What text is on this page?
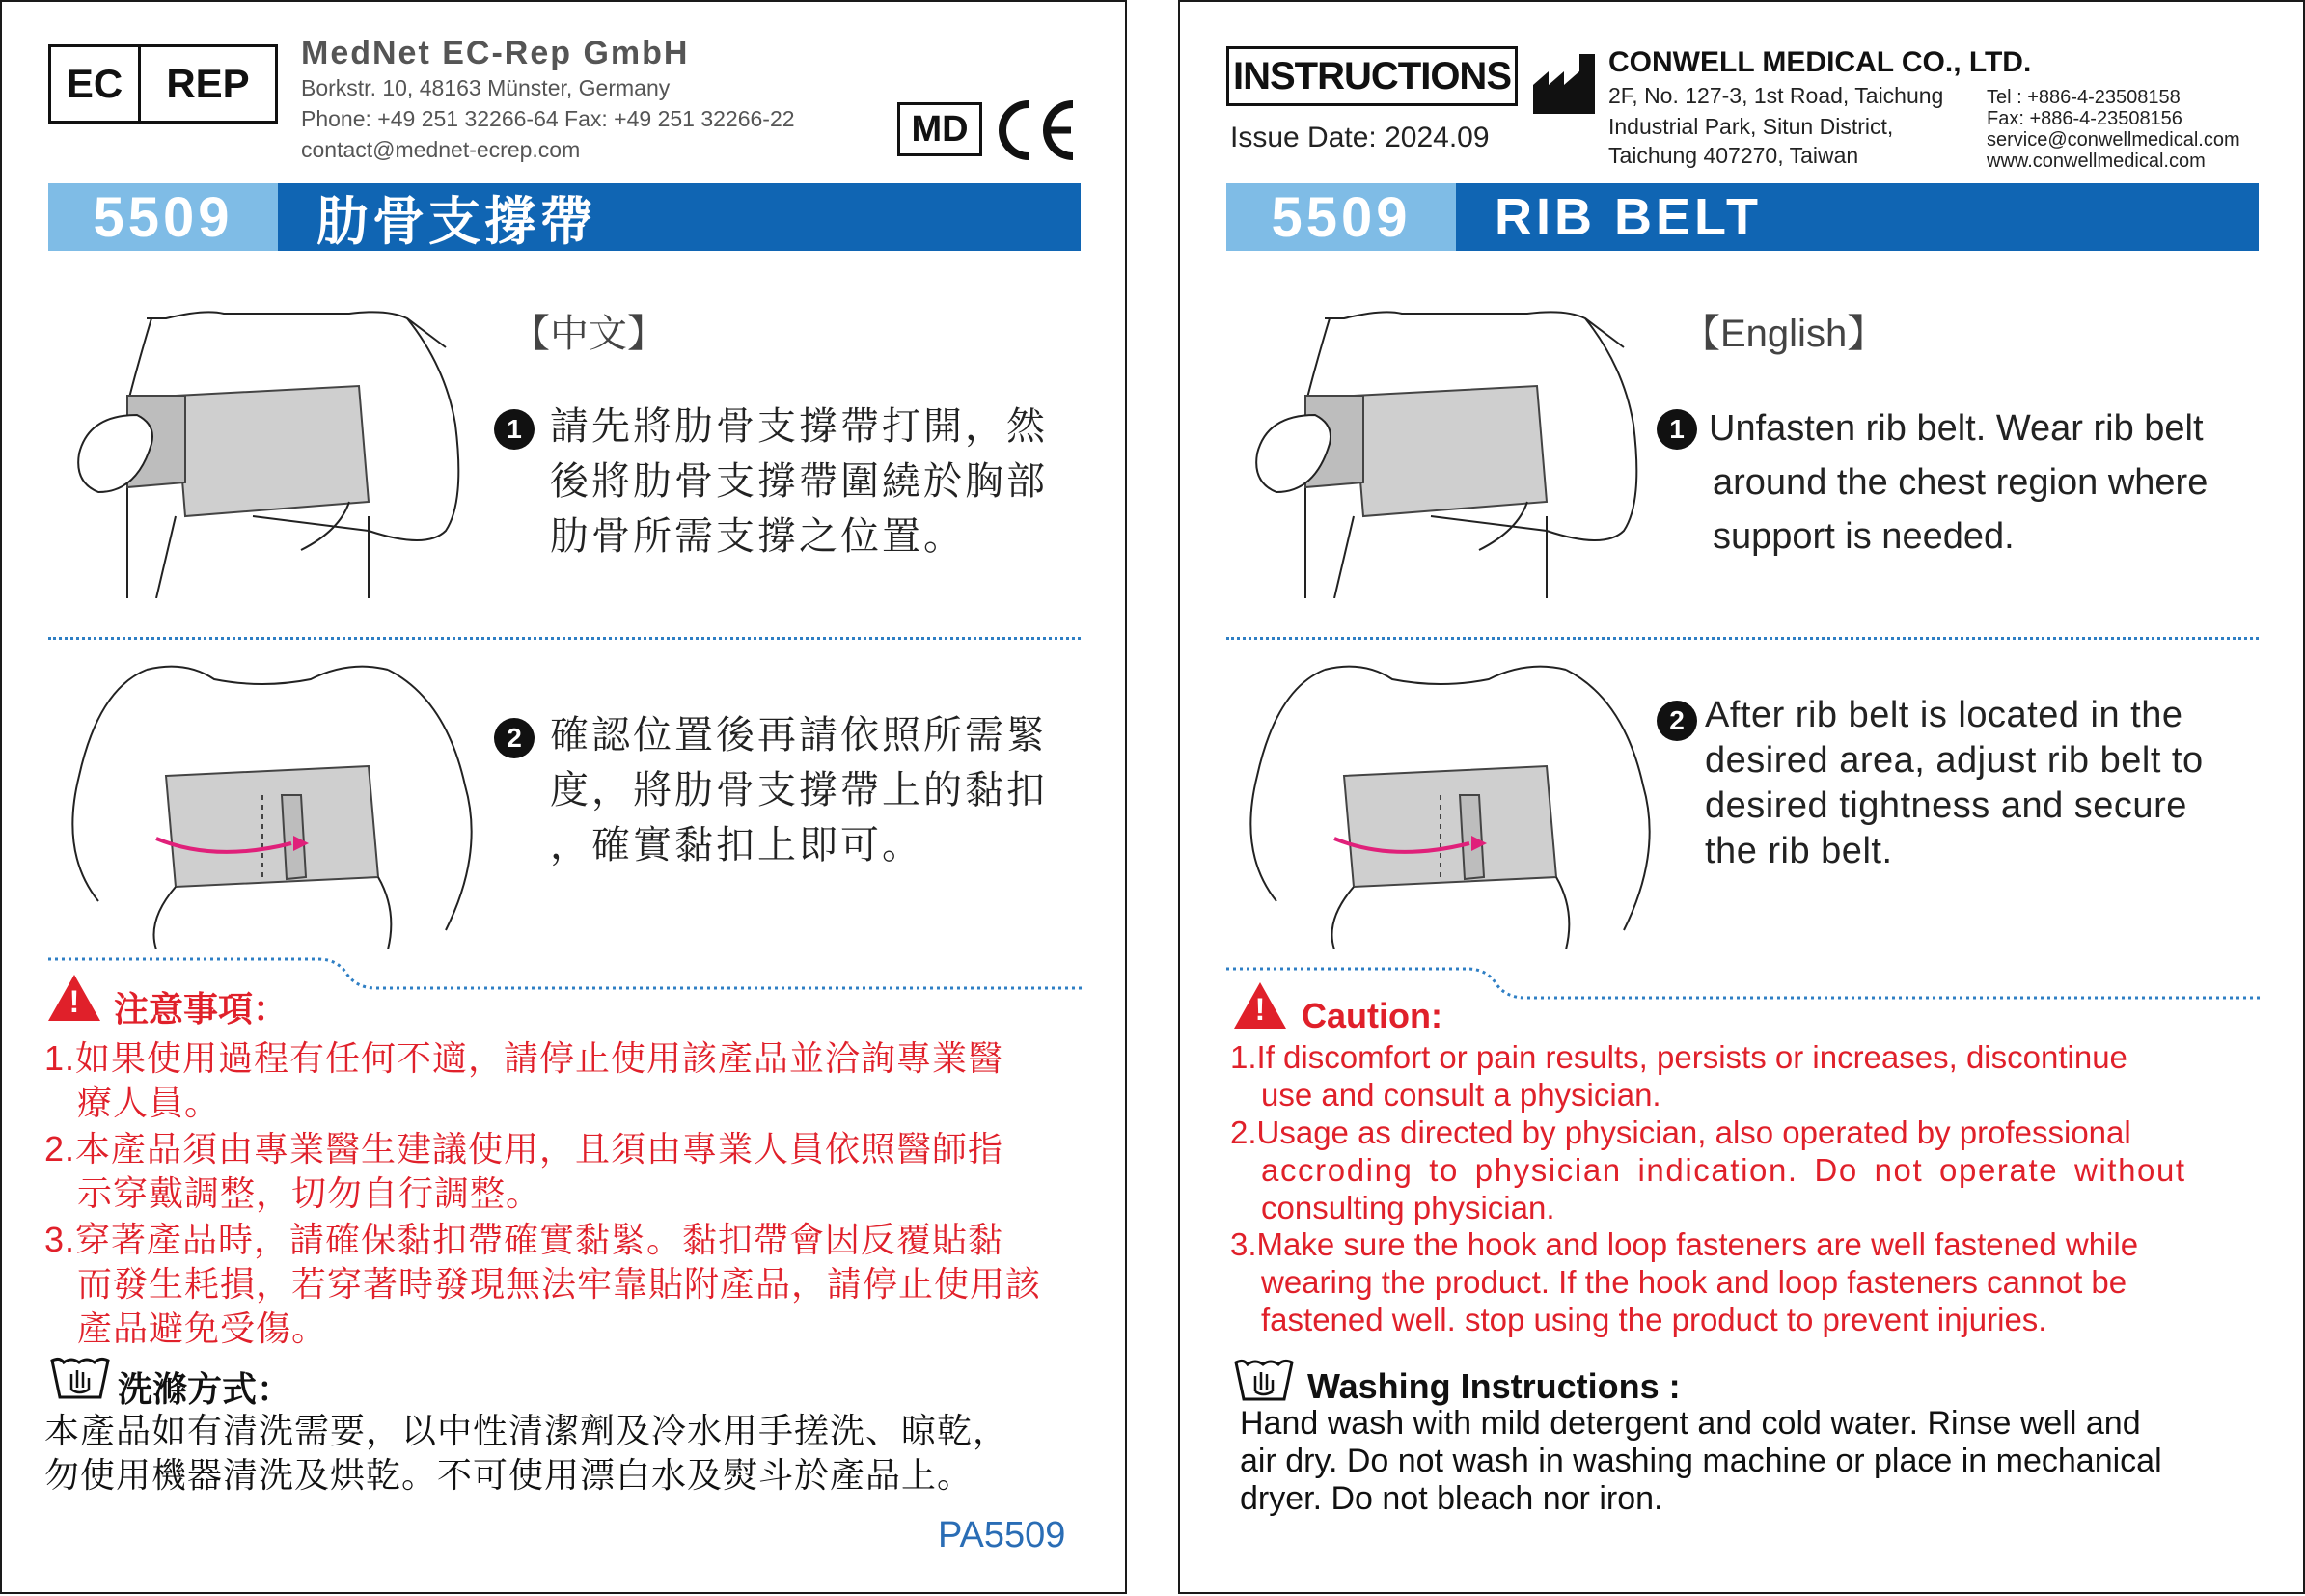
EC	REP
MedNet EC-Rep GmbH
Borkstr. 10, 48163 Münster, Germany
Phone: +49 251 32266-64 Fax: +49 251 32266-22
contact@mednet-ecrep.com
MD
5509	肋骨支撐帶
【中文】
1 請先將肋骨支撐帶打開，然
後將肋骨支撐帶圍繞於胸部
肋骨所需支撐之位置。
2 確認位置後再請依照所需緊
度，將肋骨支撐帶上的黏扣
，確實黏扣上即可。
! 注意事項：
1.如果使用過程有任何不適，請停止使用該產品並洽詢專業醫
療人員。
2.本產品須由專業醫生建議使用，且須由專業人員依照醫師指
示穿戴調整，切勿自行調整。
3.穿著產品時，請確保黏扣帶確實黏緊。黏扣帶會因反覆貼黏
而發生耗損，若穿著時發現無法牢靠貼附產品，請停止使用該
產品避免受傷。
洗滌方式：
本產品如有清洗需要，以中性清潔劑及冷水用手搓洗、晾乾，
勿使用機器清洗及烘乾。不可使用漂白水及熨斗於產品上。
PA5509
INSTRUCTIONS
Issue Date: 2024.09
CONWELL MEDICAL CO., LTD.
2F, No. 127-3, 1st Road, Taichung
Industrial Park, Situn District,
Taichung 407270, Taiwan
Tel : +886-4-23508158
Fax: +886-4-23508156
service@conwellmedical.com
www.conwellmedical.com
5509	RIB BELT
【English】
1 Unfasten rib belt. Wear rib belt
around the chest region where
support is needed.
2 After rib belt is located in the
desired area, adjust rib belt to
desired tightness and secure
the rib belt.
! Caution:
1.If discomfort or pain results, persists or increases, discontinue
use and consult a physician.
2.Usage as directed by physician, also operated by professional
accroding to physician indication. Do not operate without
consulting physician.
3.Make sure the hook and loop fasteners are well fastened while
wearing the product. If the hook and loop fasteners cannot be
fastened well. stop using the product to prevent injuries.
Washing Instructions :
Hand wash with mild detergent and cold water. Rinse well and
air dry. Do not wash in washing machine or place in mechanical
dryer. Do not bleach nor iron.
